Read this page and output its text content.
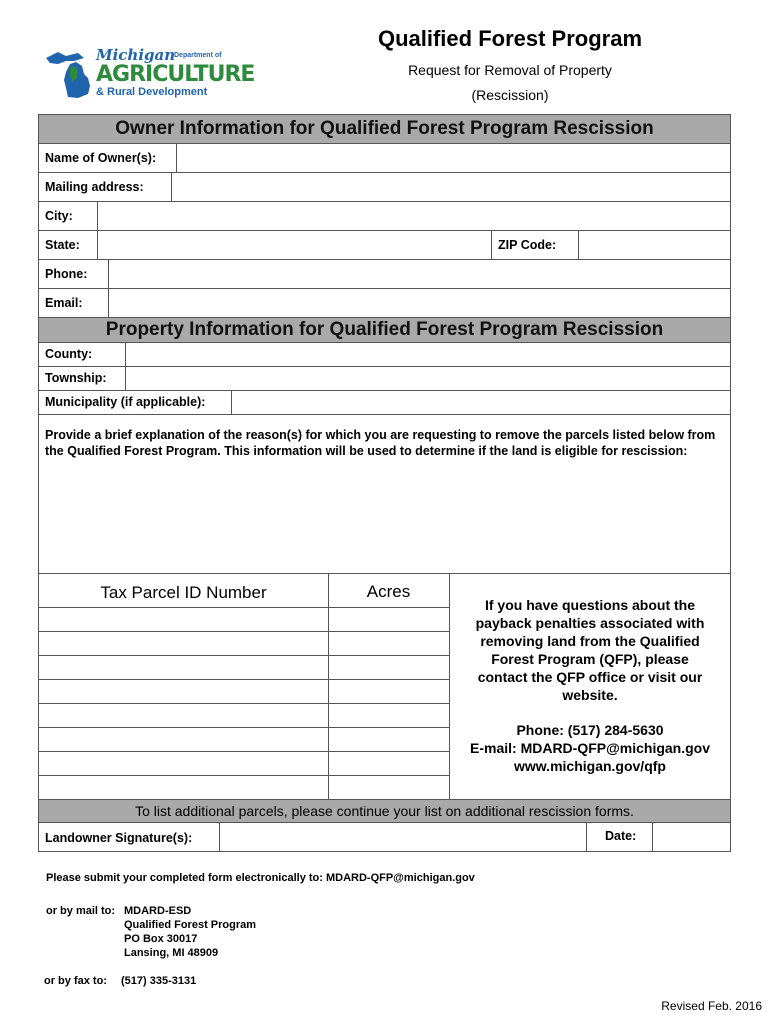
Michigan
Department of
AGRICULTURE
& Rural Development
Qualified Forest Program
Request for Removal of Property
(Rescission)
Owner Information for Qualified Forest Program Rescission
Name of Owner(s):
Mailing address:
City:
State:	ZIP Code:
Phone:
Email:
Property Information for Qualified Forest Program Rescission
County:
Township:
Municipality (if applicable):
Provide a brief explanation of the reason(s) for which you are requesting to remove the parcels listed below from the Qualified Forest Program. This information will be used to determine if the land is eligible for rescission:
Tax Parcel ID Number	Acres
If you have questions about the
payback penalties associated with
removing land from the Qualified
Forest Program (QFP), please
contact the QFP office or visit our
website.
Phone: (517) 284-5630
E-mail: MDARD-QFP@michigan.gov
www.michigan.gov/qfp
To list additional parcels, please continue your list on additional rescission forms.
Landowner Signature(s):	Date:
Please submit your completed form electronically to: MDARD-QFP@michigan.gov
or by mail to: MDARD-ESD
Qualified Forest Program
PO Box 30017
Lansing, MI 48909
or by fax to: (517) 335-3131
Revised Feb. 2016
